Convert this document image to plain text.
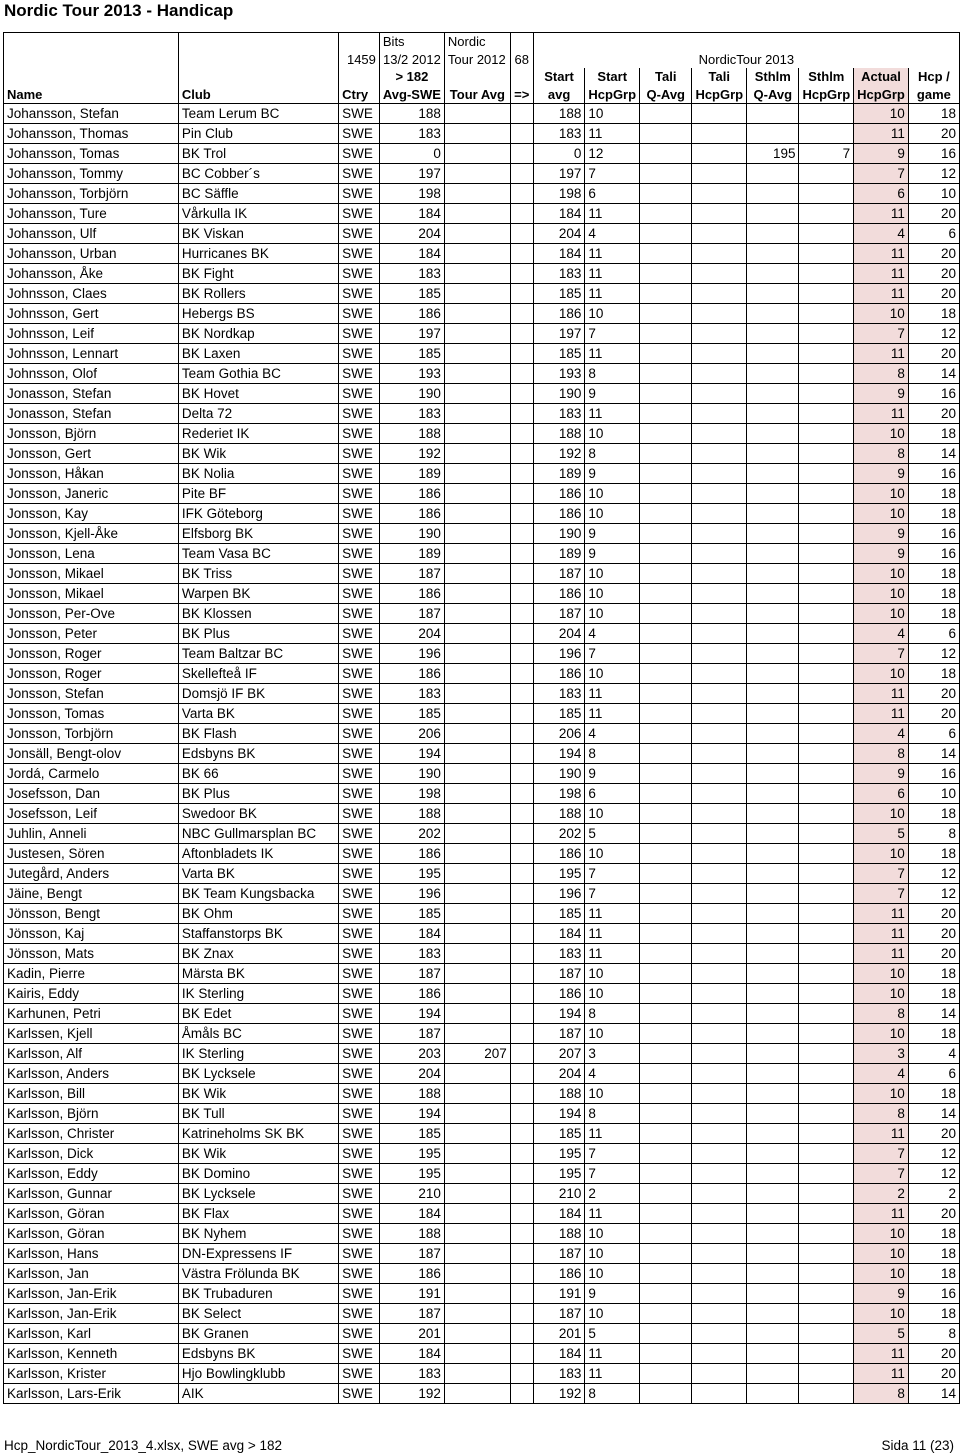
Nordic Tour 2013 - Handicap
			Bits	Nordic									
		1459	13/2 2012	Tour 2012	68	NordicTour 2013							
			> 182			Start	Start	Tali	Tali	Sthlm	Sthlm	Actual	Hcp /
Name	Club	Ctry	Avg-SWE	Tour Avg	=>	avg	HcpGrp	Q-Avg	HcpGrp	Q-Avg	HcpGrp	HcpGrp	game
Johansson, Stefan	Team Lerum BC	SWE	188			188	10					10	18
Johansson, Thomas	Pin Club	SWE	183			183	11					11	20
Johansson, Tomas	BK Trol	SWE	0			0	12			195	7	9	16
Johansson, Tommy	BC Cobber´s	SWE	197			197	7					7	12
Johansson, Torbjörn	BC Säffle	SWE	198			198	6					6	10
Johansson, Ture	Vårkulla IK	SWE	184			184	11					11	20
Johansson, Ulf	BK Viskan	SWE	204			204	4					4	6
Johansson, Urban	Hurricanes BK	SWE	184			184	11					11	20
Johansson, Åke	BK Fight	SWE	183			183	11					11	20
Johnsson, Claes	BK Rollers	SWE	185			185	11					11	20
Johnsson, Gert	Hebergs BS	SWE	186			186	10					10	18
Johnsson, Leif	BK Nordkap	SWE	197			197	7					7	12
Johnsson, Lennart	BK Laxen	SWE	185			185	11					11	20
Johnsson, Olof	Team Gothia BC	SWE	193			193	8					8	14
Jonasson, Stefan	BK Hovet	SWE	190			190	9					9	16
Jonasson, Stefan	Delta 72	SWE	183			183	11					11	20
Jonsson, Björn	Rederiet IK	SWE	188			188	10					10	18
Jonsson, Gert	BK Wik	SWE	192			192	8					8	14
Jonsson, Håkan	BK Nolia	SWE	189			189	9					9	16
Jonsson, Janeric	Pite BF	SWE	186			186	10					10	18
Jonsson, Kay	IFK Göteborg	SWE	186			186	10					10	18
Jonsson, Kjell-Åke	Elfsborg BK	SWE	190			190	9					9	16
Jonsson, Lena	Team Vasa BC	SWE	189			189	9					9	16
Jonsson, Mikael	BK Triss	SWE	187			187	10					10	18
Jonsson, Mikael	Warpen BK	SWE	186			186	10					10	18
Jonsson, Per-Ove	BK Klossen	SWE	187			187	10					10	18
Jonsson, Peter	BK Plus	SWE	204			204	4					4	6
Jonsson, Roger	Team Baltzar BC	SWE	196			196	7					7	12
Jonsson, Roger	Skellefteå IF	SWE	186			186	10					10	18
Jonsson, Stefan	Domsjö IF BK	SWE	183			183	11					11	20
Jonsson, Tomas	Varta BK	SWE	185			185	11					11	20
Jonsson, Torbjörn	BK Flash	SWE	206			206	4					4	6
Jonsäll, Bengt-olov	Edsbyns BK	SWE	194			194	8					8	14
Jordá, Carmelo	BK 66	SWE	190			190	9					9	16
Josefsson, Dan	BK Plus	SWE	198			198	6					6	10
Josefsson, Leif	Swedoor BK	SWE	188			188	10					10	18
Juhlin, Anneli	NBC Gullmarsplan BC	SWE	202			202	5					5	8
Justesen, Sören	Aftonbladets IK	SWE	186			186	10					10	18
Jutegård, Anders	Varta BK	SWE	195			195	7					7	12
Jäine, Bengt	BK Team Kungsbacka	SWE	196			196	7					7	12
Jönsson, Bengt	BK Ohm	SWE	185			185	11					11	20
Jönsson, Kaj	Staffanstorps BK	SWE	184			184	11					11	20
Jönsson, Mats	BK Znax	SWE	183			183	11					11	20
Kadin, Pierre	Märsta BK	SWE	187			187	10					10	18
Kairis, Eddy	IK Sterling	SWE	186			186	10					10	18
Karhunen, Petri	BK Edet	SWE	194			194	8					8	14
Karlssen, Kjell	Åmåls BC	SWE	187			187	10					10	18
Karlsson, Alf	IK Sterling	SWE	203	207		207	3					3	4
Karlsson, Anders	BK Lycksele	SWE	204			204	4					4	6
Karlsson, Bill	BK Wik	SWE	188			188	10					10	18
Karlsson, Björn	BK Tull	SWE	194			194	8					8	14
Karlsson, Christer	Katrineholms SK BK	SWE	185			185	11					11	20
Karlsson, Dick	BK Wik	SWE	195			195	7					7	12
Karlsson, Eddy	BK Domino	SWE	195			195	7					7	12
Karlsson, Gunnar	BK Lycksele	SWE	210			210	2					2	2
Karlsson, Göran	BK Flax	SWE	184			184	11					11	20
Karlsson, Göran	BK Nyhem	SWE	188			188	10					10	18
Karlsson, Hans	DN-Expressens IF	SWE	187			187	10					10	18
Karlsson, Jan	Västra Frölunda BK	SWE	186			186	10					10	18
Karlsson, Jan-Erik	BK Trubaduren	SWE	191			191	9					9	16
Karlsson, Jan-Erik	BK Select	SWE	187			187	10					10	18
Karlsson, Karl	BK Granen	SWE	201			201	5					5	8
Karlsson, Kenneth	Edsbyns BK	SWE	184			184	11					11	20
Karlsson, Krister	Hjo Bowlingklubb	SWE	183			183	11					11	20
Karlsson, Lars-Erik	AIK	SWE	192			192	8					8	14
Hcp_NordicTour_2013_4.xlsx, SWE avg > 182	Sida 11 (23)
